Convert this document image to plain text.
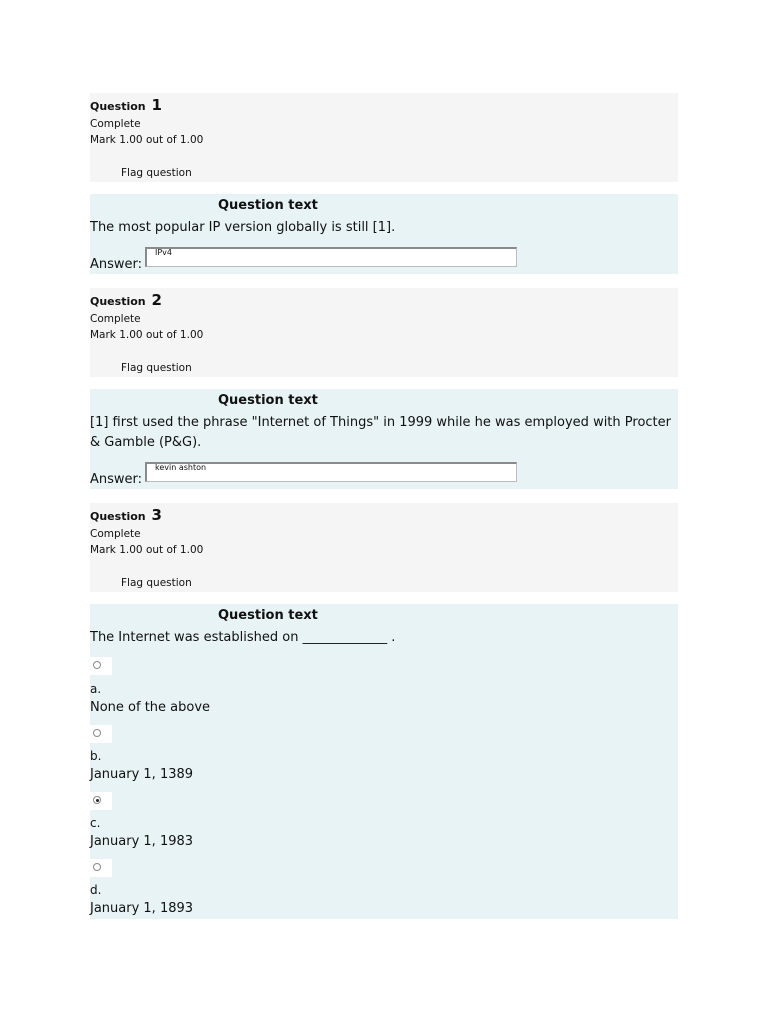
Question 1
Complete
Mark 1.00 out of 1.00
Flag question
Question text
The most popular IP version globally is still [1].
Answer:
IPv4
Question 2
Complete
Mark 1.00 out of 1.00
Flag question
Question text
[1] first used the phrase "Internet of Things" in 1999 while he was employed with Procter & Gamble (P&G).
Answer:
kevin ashton
Question 3
Complete
Mark 1.00 out of 1.00
Flag question
Question text
The Internet was established on _____________ .
a.
None of the above
b.
January 1, 1389
c.
January 1, 1983
d.
January 1, 1893
